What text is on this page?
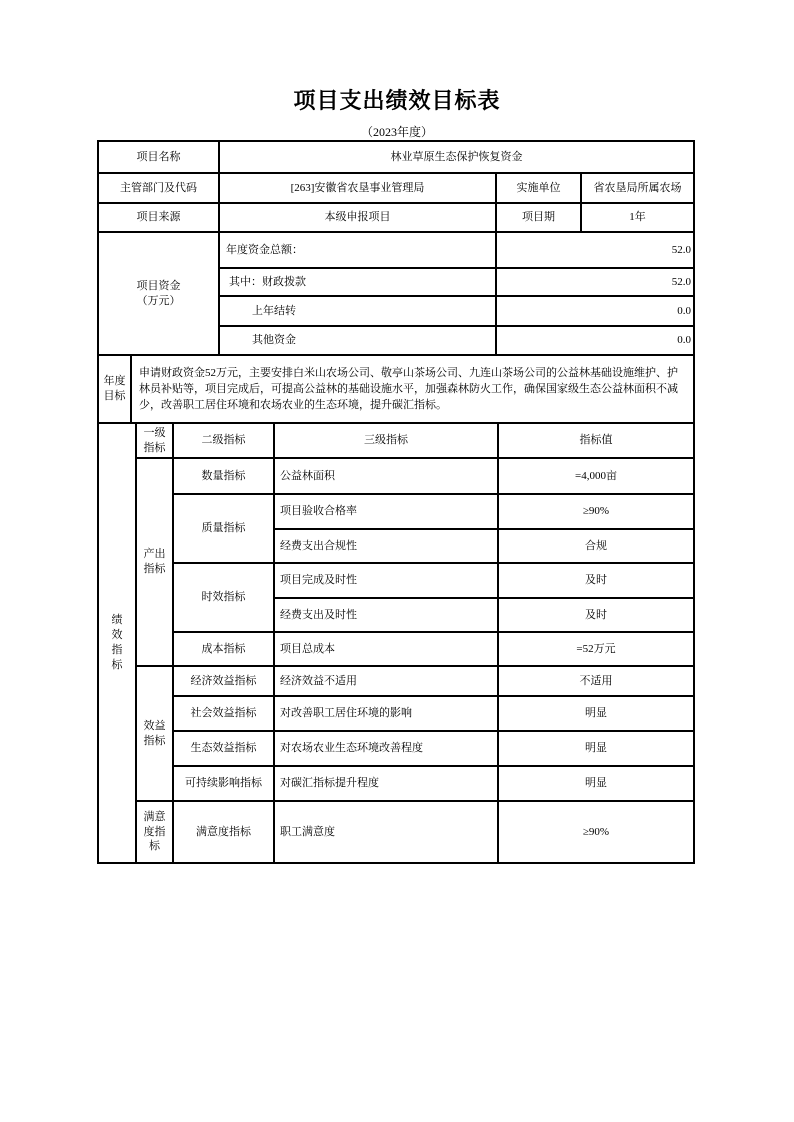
项目支出绩效目标表
（2023年度）
项目名称	林业草原生态保护恢复资金		
主管部门及代码	[263]安徽省农垦事业管理局	实施单位	省农垦局所属农场
项目来源	本级申报项目	项目期	1年
项目资金
（万元）	年度资金总额：	52.0	
	其中：财政拨款	52.0	
	上年结转	0.0	
	其他资金	0.0	
年度目标	申请财政资金52万元，主要安排白米山农场公司、敬亭山茶场公司、九连山茶场公司的公益林基础设施维护、护林员补贴等，项目完成后，可提高公益林的基础设施水平，加强森林防火工作，确保国家级生态公益林面积不减少，改善职工居住环境和农场农业的生态环境，提升碳汇指标。
绩效指标	一级指标	二级指标	三级指标	指标值
	产出指标	数量指标	公益林面积	=4,000亩
		质量指标	项目验收合格率	≥90%
			经费支出合规性	合规
		时效指标	项目完成及时性	及时
			经费支出及时性	及时
		成本指标	项目总成本	=52万元
	效益指标	经济效益指标	经济效益不适用	不适用
		社会效益指标	对改善职工居住环境的影响	明显
		生态效益指标	对农场农业生态环境改善程度	明显
		可持续影响指标	对碳汇指标提升程度	明显
	满意度指标	满意度指标	职工满意度	≥90%
